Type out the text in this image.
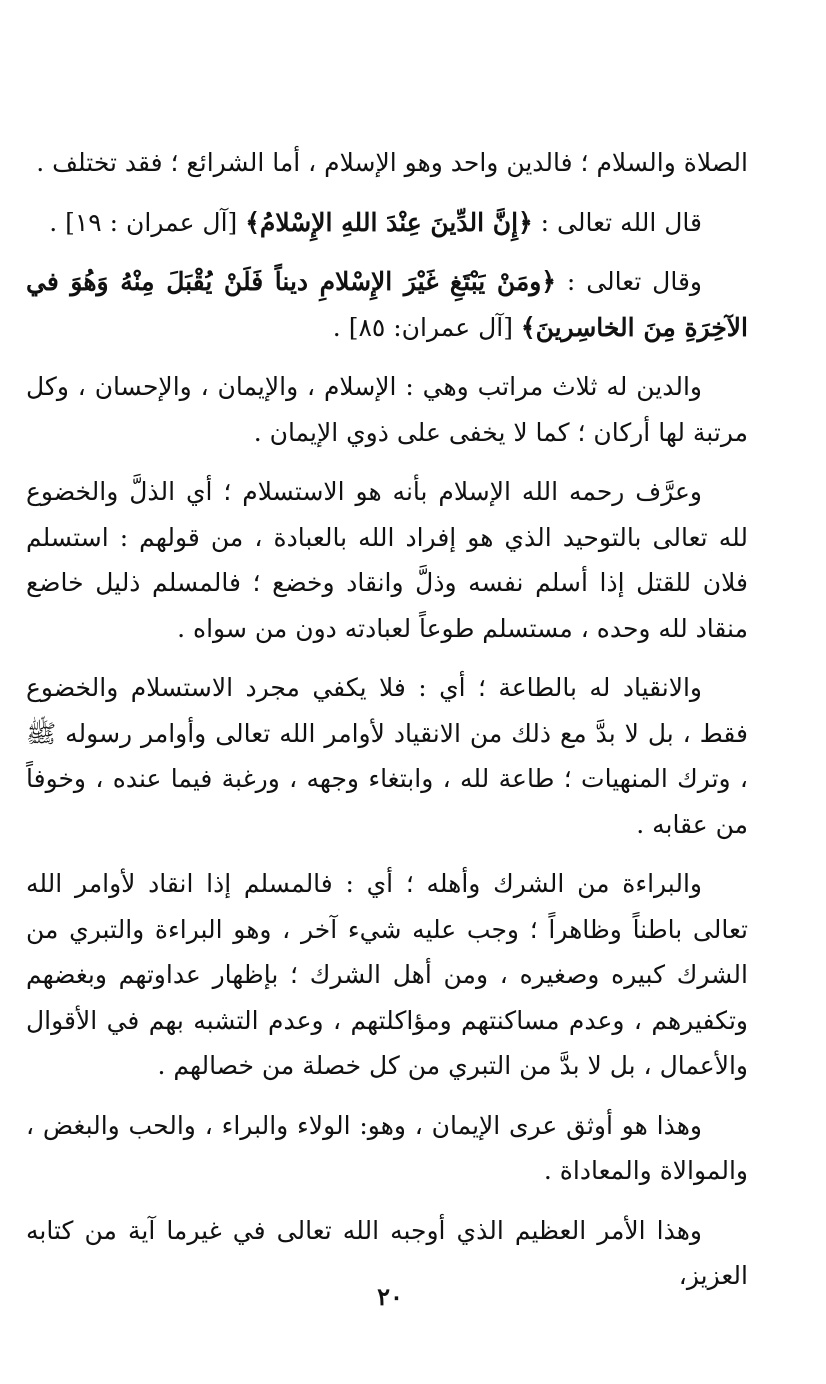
الصلاة والسلام ؛ فالدين واحد وهو الإسلام ، أما الشرائع ؛ فقد تختلف .

قال الله تعالى : ﴿إِنَّ الدِّينَ عِنْدَ اللهِ الإِسْلامُ﴾ [آل عمران : ١٩] .

وقال تعالى : ﴿ومَنْ يَبْتَغِ غَيْرَ الإِسْلامِ ديناً فَلَنْ يُقْبَلَ مِنْهُ وَهُوَ في الآخِرَةِ مِنَ الخاسِرينَ﴾ [آل عمران: ٨٥] .

والدين له ثلاث مراتب وهي : الإسلام ، والإيمان ، والإحسان ، وكل مرتبة لها أركان ؛ كما لا يخفى على ذوي الإيمان .

وعرَّف رحمه الله الإسلام بأنه هو الاستسلام ؛ أي الذلَّ والخضوع لله تعالى بالتوحيد الذي هو إفراد الله بالعبادة ، من قولهم : استسلم فلان للقتل إذا أسلم نفسه وذلَّ وانقاد وخضع ؛ فالمسلم ذليل خاضع منقاد لله وحده ، مستسلم طوعاً لعبادته دون من سواه .

والانقياد له بالطاعة ؛ أي : فلا يكفي مجرد الاستسلام والخضوع فقط ، بل لا بدَّ مع ذلك من الانقياد لأوامر الله تعالى وأوامر رسوله ﷺ ، وترك المنهيات ؛ طاعة لله ، وابتغاء وجهه ، ورغبة فيما عنده ، وخوفاً من عقابه .

والبراءة من الشرك وأهله ؛ أي : فالمسلم إذا انقاد لأوامر الله تعالى باطناً وظاهراً ؛ وجب عليه شيء آخر ، وهو البراءة والتبري من الشرك كبيره وصغيره ، ومن أهل الشرك ؛ بإظهار عداوتهم وبغضهم وتكفيرهم ، وعدم مساكنتهم ومؤاكلتهم ، وعدم التشبه بهم في الأقوال والأعمال ، بل لا بدَّ من التبري من كل خصلة من خصالهم .

وهذا هو أوثق عرى الإيمان ، وهو: الولاء والبراء ، والحب والبغض ، والموالاة والمعاداة .

وهذا الأمر العظيم الذي أوجبه الله تعالى في غيرما آية من كتابه العزيز،

٢٠
